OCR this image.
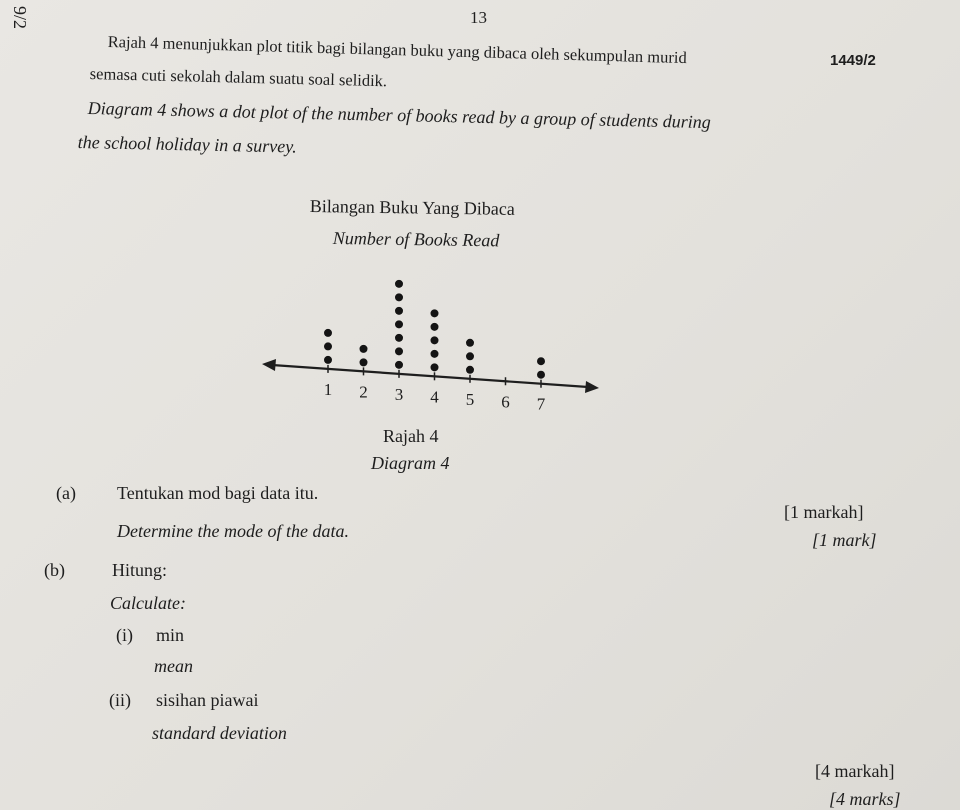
9/2	13
1449/2
Rajah 4 menunjukkan plot titik bagi bilangan buku yang dibaca oleh sekumpulan murid
semasa cuti sekolah dalam suatu soal selidik.
Diagram 4 shows a dot plot of the number of books read by a group of students during
the school holiday in a survey.
Bilangan Buku Yang Dibaca
Number of Books Read
1 2 3 4 5 6 7
Rajah 4
Diagram 4
(a) Tentukan mod bagi data itu.
Determine the mode of the data.
[1 markah]
[1 mark]
(b)	Hitung:
Calculate:
(i) min
mean
(ii) sisihan piawai
standard deviation
[4 markah]
[4 marks]
